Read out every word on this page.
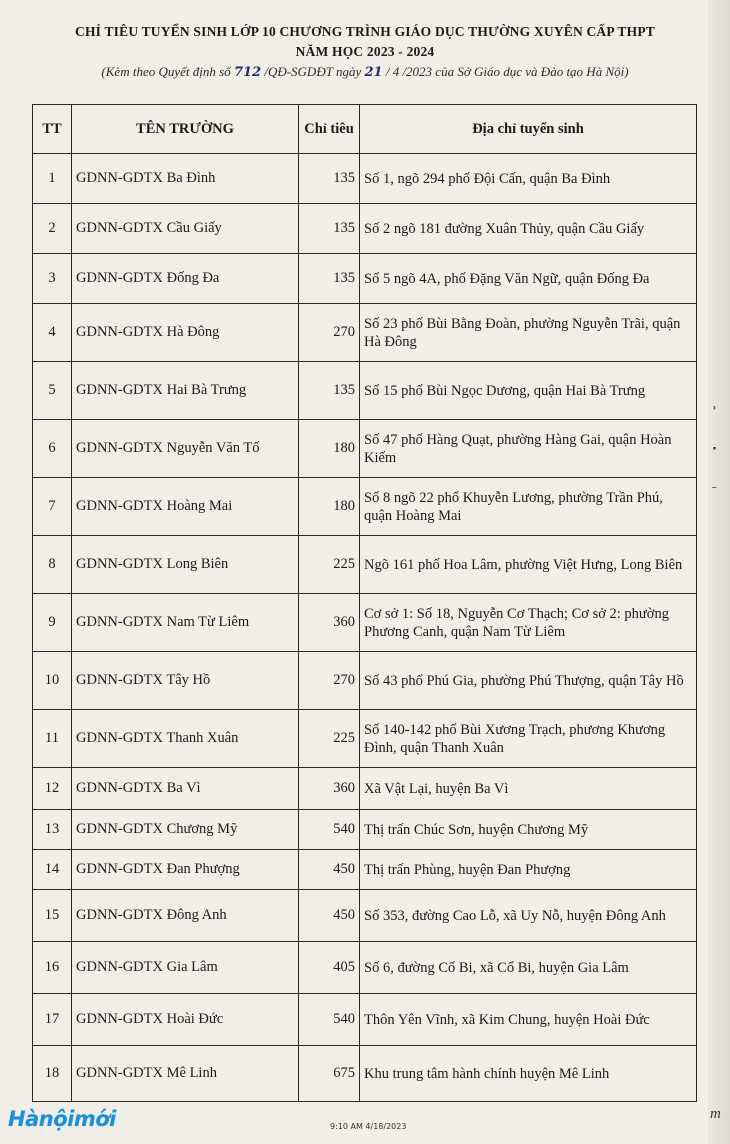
CHỈ TIÊU TUYỂN SINH LỚP 10 CHƯƠNG TRÌNH GIÁO DỤC THƯỜNG XUYÊN CẤP THPT
NĂM HỌC 2023 - 2024
(Kèm theo Quyết định số 712 /QĐ-SGDĐT ngày 21 / 4 /2023 của Sở Giáo dục và Đào tạo Hà Nội)
TT	TÊN TRƯỜNG	Chỉ tiêu	Địa chỉ tuyển sinh
1	GDNN-GDTX Ba Đình	135	Số 1, ngõ 294 phố Đội Cấn, quận Ba Đình
2	GDNN-GDTX Cầu Giấy	135	Số 2 ngõ 181 đường Xuân Thủy, quận Cầu Giấy
3	GDNN-GDTX Đống Đa	135	Số 5 ngõ 4A, phố Đặng Văn Ngữ, quận Đống Đa
4	GDNN-GDTX Hà Đông	270	Số 23 phố Bùi Bằng Đoàn, phường Nguyễn Trãi, quận Hà Đông
5	GDNN-GDTX Hai Bà Trưng	135	Số 15 phố Bùi Ngọc Dương, quận Hai Bà Trưng
6	GDNN-GDTX Nguyễn Văn Tố	180	Số 47 phố Hàng Quạt, phường Hàng Gai, quận Hoàn Kiếm
7	GDNN-GDTX Hoàng Mai	180	Số 8 ngõ 22 phố Khuyễn Lương, phường Trần Phú, quận Hoàng Mai
8	GDNN-GDTX Long Biên	225	Ngõ 161 phố Hoa Lâm, phường Việt Hưng, Long Biên
9	GDNN-GDTX Nam Từ Liêm	360	Cơ sở 1: Số 18, Nguyễn Cơ Thạch; Cơ sở 2: phường Phương Canh, quận Nam Từ Liêm
10	GDNN-GDTX Tây Hồ	270	Số 43 phố Phú Gia, phường Phú Thượng, quận Tây Hồ
11	GDNN-GDTX Thanh Xuân	225	Số 140-142 phố Bùi Xương Trạch, phương Khương Đình, quận Thanh Xuân
12	GDNN-GDTX Ba Vì	360	Xã Vật Lại, huyện Ba Vì
13	GDNN-GDTX Chương Mỹ	540	Thị trấn Chúc Sơn, huyện Chương Mỹ
14	GDNN-GDTX Đan Phượng	450	Thị trấn Phùng, huyện Đan Phượng
15	GDNN-GDTX Đông Anh	450	Số 353, đường Cao Lỗ, xã Uy Nỗ, huyện Đông Anh
16	GDNN-GDTX Gia Lâm	405	Số 6, đường Cổ Bi, xã Cổ Bi, huyện Gia Lâm
17	GDNN-GDTX Hoài Đức	540	Thôn Yên Vĩnh, xã Kim Chung, huyện Hoài Đức
18	GDNN-GDTX Mê Linh	675	Khu trung tâm hành chính huyện Mê Linh
ʾ
·
_
Hànộimới	9:10 AM 4/18/2023
m
